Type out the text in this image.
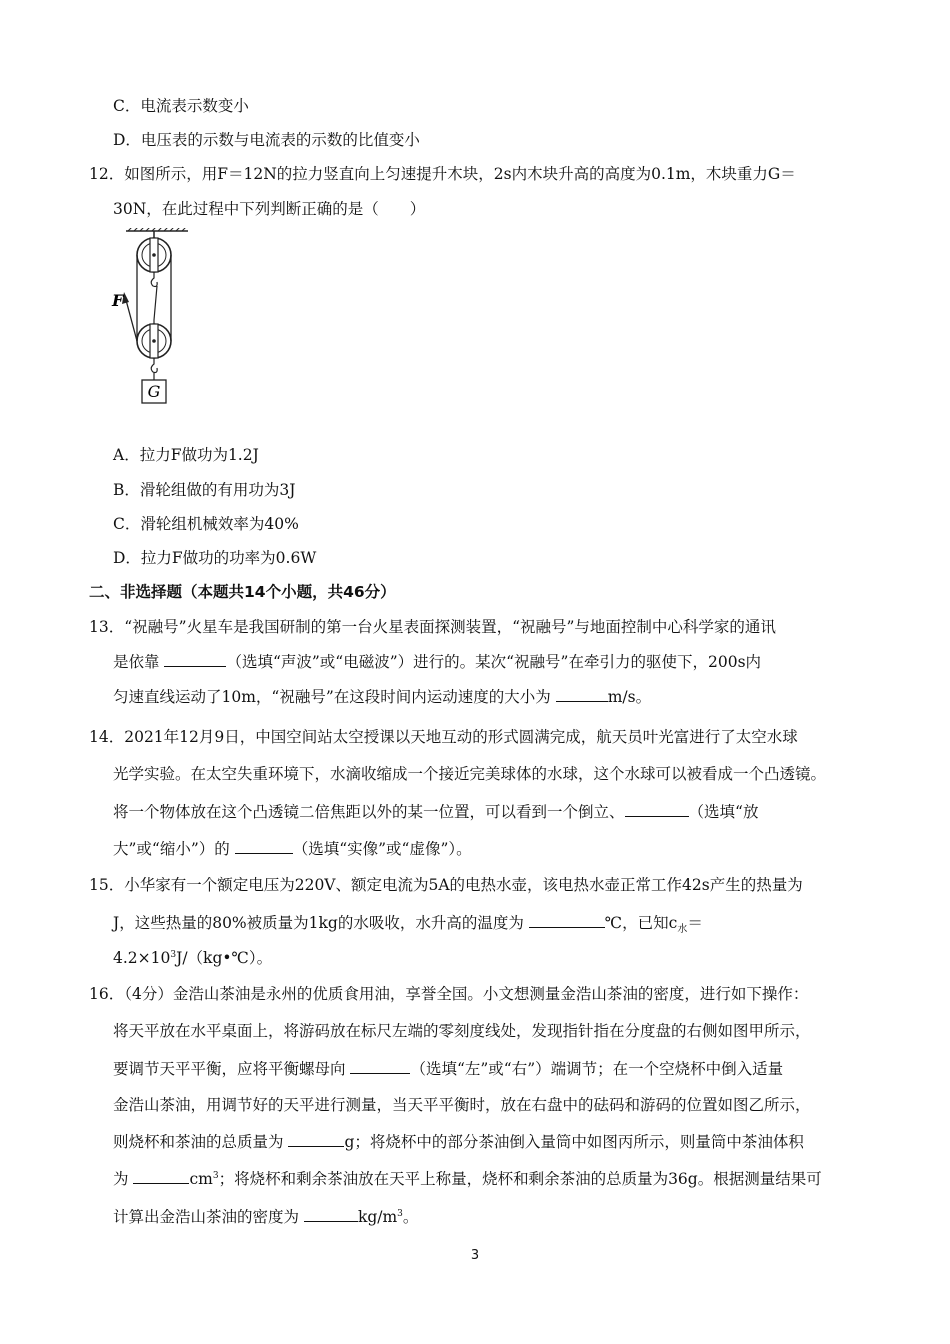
C．电流表示数变小
D．电压表的示数与电流表的示数的比值变小
12．如图所示，用F＝12N的拉力竖直向上匀速提升木块，2s内木块升高的高度为0.1m，木块重力G＝
30N，在此过程中下列判断正确的是（　　）
G
F
A．拉力F做功为1.2J
B．滑轮组做的有用功为3J
C．滑轮组机械效率为40%
D．拉力F做功的功率为0.6W
二、非选择题（本题共14个小题，共46分）
13．“祝融号”火星车是我国研制的第一台火星表面探测装置，“祝融号”与地面控制中心科学家的通讯
是依靠	（选填“声波”或“电磁波”）进行的。某次“祝融号”在牵引力的驱使下，200s内
匀速直线运动了10m，“祝融号”在这段时间内运动速度的大小为	m/s。
14．2021年12月9日，中国空间站太空授课以天地互动的形式圆满完成，航天员叶光富进行了太空水球
光学实验。在太空失重环境下，水滴收缩成一个接近完美球体的水球，这个水球可以被看成一个凸透镜。
将一个物体放在这个凸透镜二倍焦距以外的某一位置，可以看到一个倒立、	（选填“放
大”或“缩小”）的	（选填“实像”或“虚像”）。
15．小华家有一个额定电压为220V、额定电流为5A的电热水壶，该电热水壶正常工作42s产生的热量为
J，这些热量的80%被质量为1kg的水吸收，水升高的温度为	℃，已知$c_水=$
$4.2\times 10^3J/(kg•℃)$。
16．（4分）金浩山茶油是永州的优质食用油，享誉全国。小文想测量金浩山茶油的密度，进行如下操作：
将天平放在水平桌面上，将游码放在标尺左端的零刻度线处，发现指针指在分度盘的右侧如图甲所示，
要调节天平平衡，应将平衡螺母向	（选填“左”或“右”）端调节；在一个空烧杯中倒入适量
金浩山茶油，用调节好的天平进行测量，当天平平衡时，放在右盘中的砝码和游码的位置如图乙所示，
则烧杯和茶油的总质量为	g；将烧杯中的部分茶油倒入量筒中如图丙所示，则量筒中茶油体积
为	$cm^3$；将烧杯和剩余茶油放在天平上称量，烧杯和剩余茶油的总质量为36g。根据测量结果可
计算出金浩山茶油的密度为	$kg/m^3$。
3
